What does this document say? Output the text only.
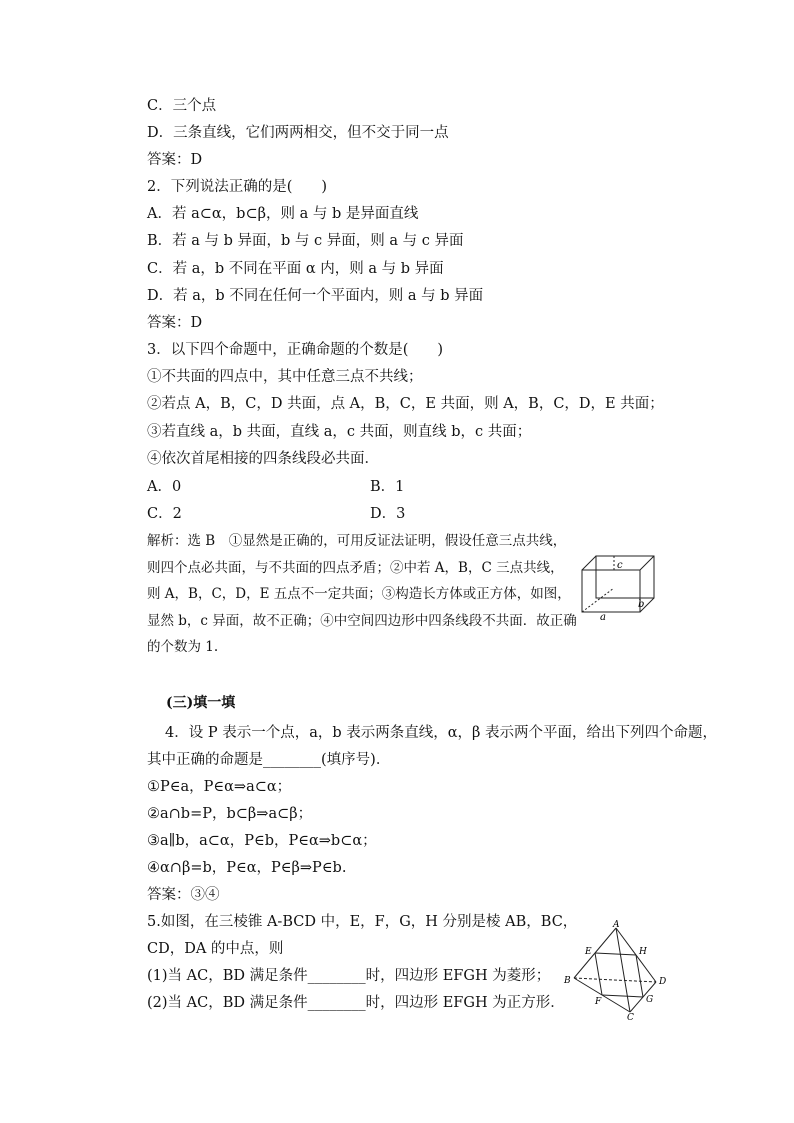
C．三个点
D．三条直线，它们两两相交，但不交于同一点
答案：D
2．下列说法正确的是(　　)
A．若 a⊂α，b⊂β，则 a 与 b 是异面直线
B．若 a 与 b 异面，b 与 c 异面，则 a 与 c 异面
C．若 a，b 不同在平面 α 内，则 a 与 b 异面
D．若 a，b 不同在任何一个平面内，则 a 与 b 异面
答案：D
3．以下四个命题中，正确命题的个数是(　　)
①不共面的四点中，其中任意三点不共线；
②若点 A，B，C，D 共面，点 A，B，C，E 共面，则 A，B，C，D，E 共面；
③若直线 a，b 共面，直线 a，c 共面，则直线 b，c 共面；
④依次首尾相接的四条线段必共面．
A．0	B．1
C．2	D．3
解析：选 B　①显然是正确的，可用反证法证明，假设任意三点共线，则四个点必共面，与不共面的四点矛盾；②中若 A，B，C 三点共线，则 A，B，C，D，E 五点不一定共面；③构造长方体或正方体，如图，显然 b，c 异面，故不正确；④中空间四边形中四条线段不共面．故正确的个数为 1.
c
b
a
(三)填一填
4．设 P 表示一个点，a，b 表示两条直线，α，β 表示两个平面，给出下列四个命题，
其中正确的命题是________(填序号)．
①P∈a，P∈α⇒a⊂α；
②a∩b=P，b⊂β⇒a⊂β；
③a∥b，a⊂α，P∈b，P∈α⇒b⊂α；
④α∩β=b，P∈α，P∈β⇒P∈b.
答案：③④
5.如图，在三棱锥 A-BCD 中，E，F，G，H 分别是棱 AB，BC，
CD，DA 的中点，则
(1)当 AC，BD 满足条件________时，四边形 EFGH 为菱形；
(2)当 AC，BD 满足条件________时，四边形 EFGH 为正方形．
A
E	H
B	D
F	G
C
